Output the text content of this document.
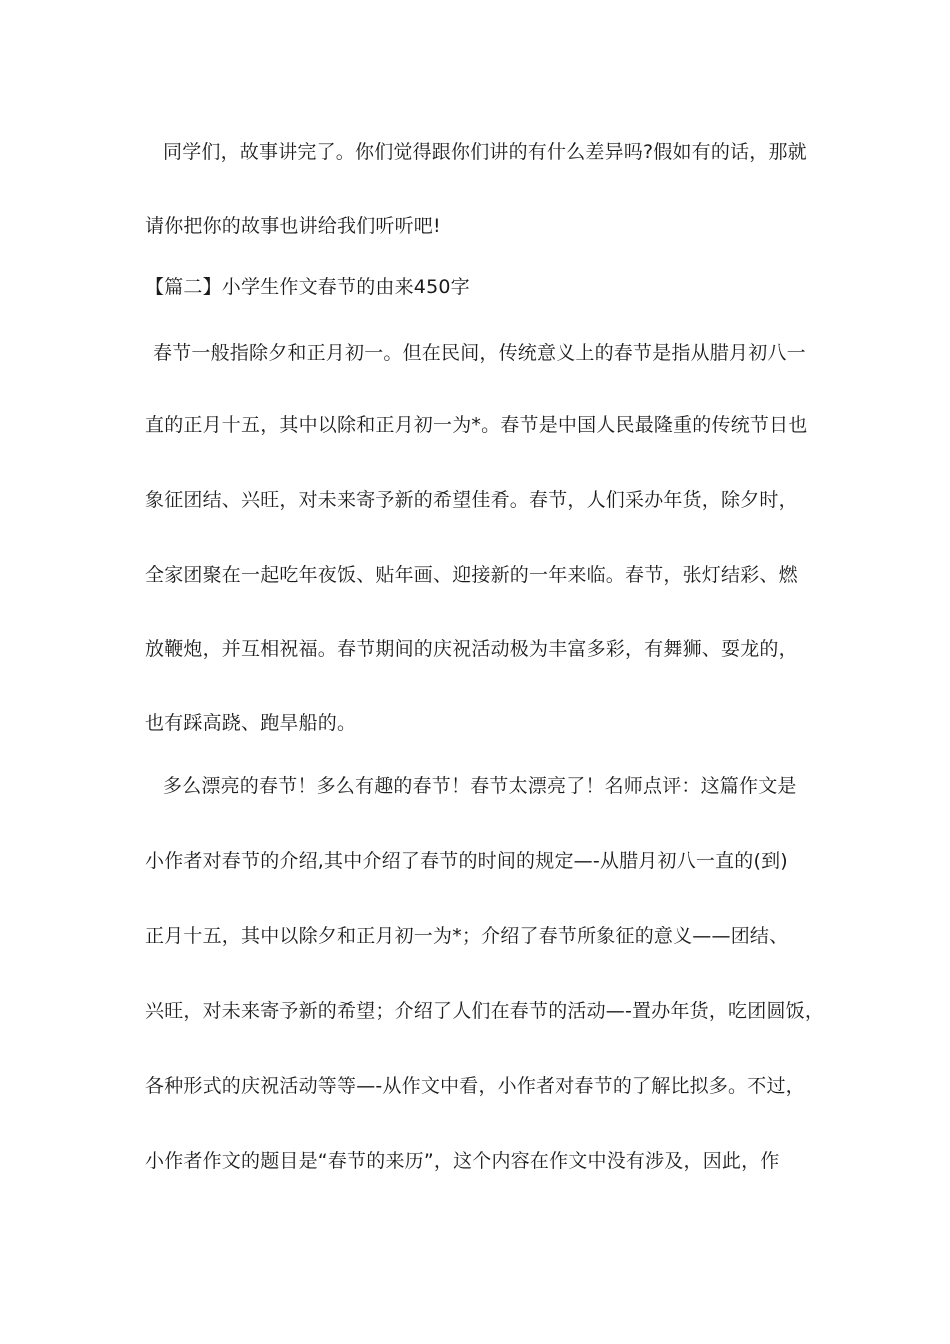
同学们，故事讲完了。你们觉得跟你们讲的有什么差异吗?假如有的话，那就
请你把你的故事也讲给我们听听吧!
【篇二】小学生作文春节的由来450字
春节一般指除夕和正月初一。但在民间，传统意义上的春节是指从腊月初八一
直的正月十五，其中以除和正月初一为*。春节是中国人民最隆重的传统节日也
象征团结、兴旺，对未来寄予新的希望佳肴。春节，人们采办年货，除夕时，
全家团聚在一起吃年夜饭、贴年画、迎接新的一年来临。春节，张灯结彩、燃
放鞭炮，并互相祝福。春节期间的庆祝活动极为丰富多彩，有舞狮、耍龙的，
也有踩高跷、跑旱船的。
多么漂亮的春节！多么有趣的春节！春节太漂亮了！名师点评：这篇作文是
小作者对春节的介绍,其中介绍了春节的时间的规定—-从腊月初八一直的(到)
正月十五，其中以除夕和正月初一为*；介绍了春节所象征的意义——团结、
兴旺，对未来寄予新的希望；介绍了人们在春节的活动—-置办年货，吃团圆饭，
各种形式的庆祝活动等等—-从作文中看，小作者对春节的了解比拟多。不过，
小作者作文的题目是“春节的来历”，这个内容在作文中没有涉及，因此，作
